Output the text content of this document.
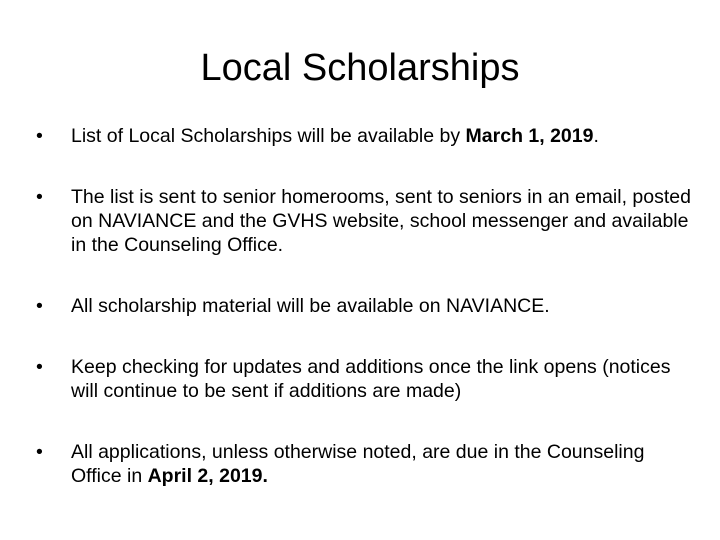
Local Scholarships
•	List of Local Scholarships will be available by March 1, 2019.
•	The list is sent to senior homerooms, sent to seniors in an email, posted on NAVIANCE and the GVHS website, school messenger and available in the Counseling Office.
•	All scholarship material will be available on NAVIANCE.
•	Keep checking for updates and additions once the link opens (notices will continue to be sent if additions are made)
•	All applications, unless otherwise noted, are due in the Counseling Office in April 2, 2019.
